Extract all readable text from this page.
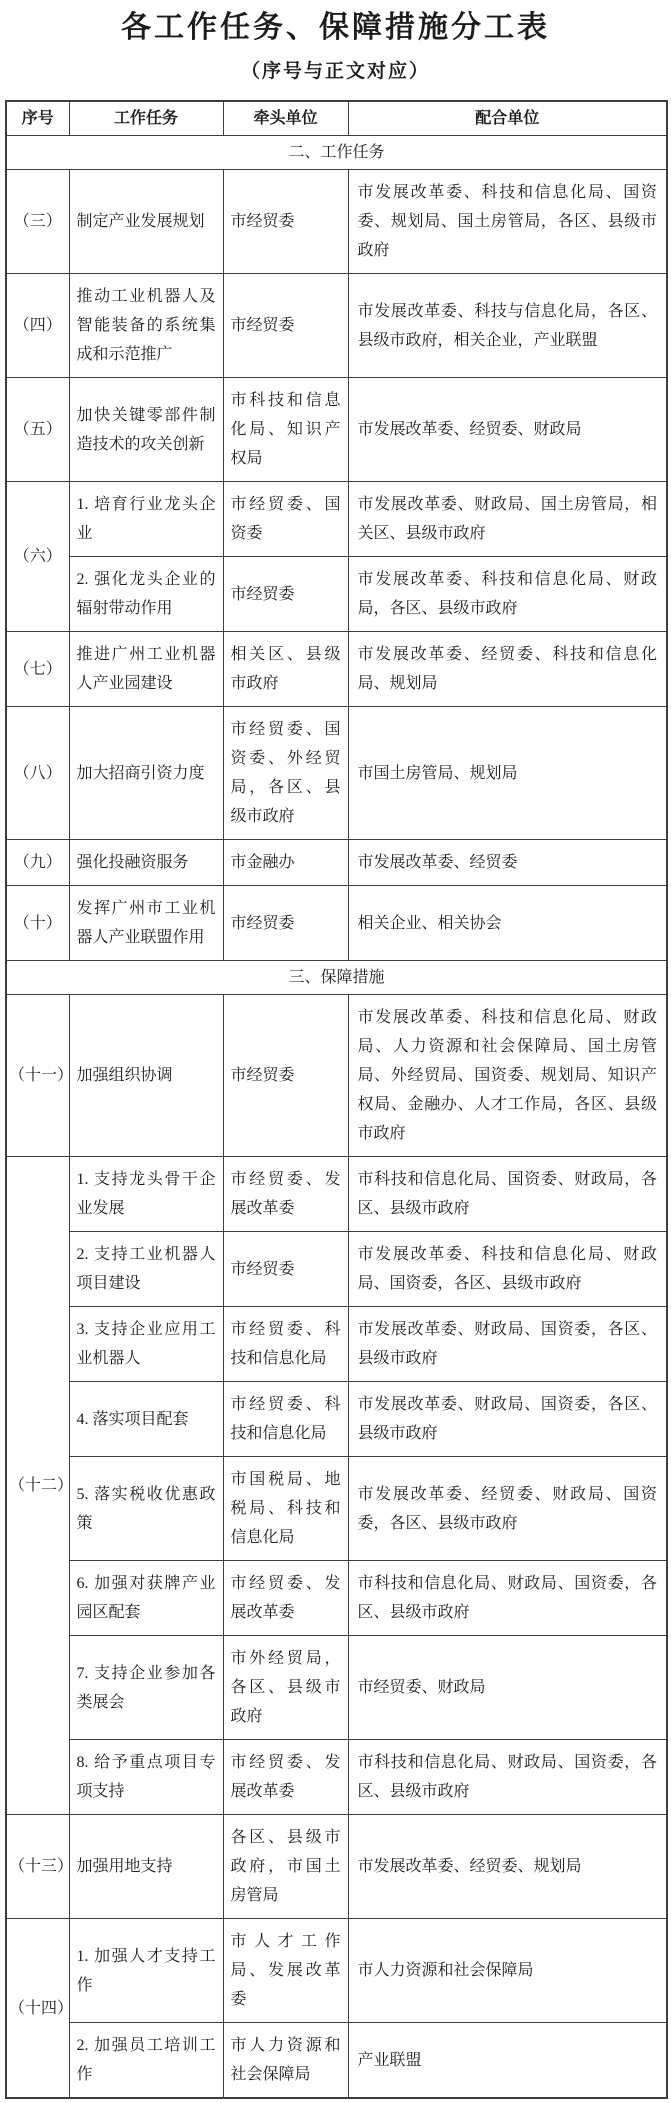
各工作任务、保障措施分工表
（序号与正文对应）
序号	工作任务	牵头单位	配合单位
二、工作任务			
（三）	制定产业发展规划	市经贸委	市发展改革委、科技和信息化局、国资委、规划局、国土房管局，各区、县级市政府
（四）	推动工业机器人及智能装备的系统集成和示范推广	市经贸委	市发展改革委、科技与信息化局，各区、县级市政府，相关企业，产业联盟
（五）	加快关键零部件制造技术的攻关创新	市科技和信息化局、知识产权局	市发展改革委、经贸委、财政局
（六）	1. 培育行业龙头企业	市经贸委、国资委	市发展改革委、财政局、国土房管局，相关区、县级市政府
	2. 强化龙头企业的辐射带动作用	市经贸委	市发展改革委、科技和信息化局、财政局，各区、县级市政府
（七）	推进广州工业机器人产业园建设	相关区、县级市政府	市发展改革委、经贸委、科技和信息化局、规划局
（八）	加大招商引资力度	市经贸委、国资委、外经贸局，各区、县级市政府	市国土房管局、规划局
（九）	强化投融资服务	市金融办	市发展改革委、经贸委
（十）	发挥广州市工业机器人产业联盟作用	市经贸委	相关企业、相关协会
三、保障措施			
（十一）	加强组织协调	市经贸委	市发展改革委、科技和信息化局、财政局、人力资源和社会保障局、国土房管局、外经贸局、国资委、规划局、知识产权局、金融办、人才工作局，各区、县级市政府
（十二）	1. 支持龙头骨干企业发展	市经贸委、发展改革委	市科技和信息化局、国资委、财政局，各区、县级市政府
	2. 支持工业机器人项目建设	市经贸委	市发展改革委、科技和信息化局、财政局、国资委，各区、县级市政府
	3. 支持企业应用工业机器人	市经贸委、科技和信息化局	市发展改革委、财政局、国资委，各区、县级市政府
	4. 落实项目配套	市经贸委、科技和信息化局	市发展改革委、财政局、国资委，各区、县级市政府
	5. 落实税收优惠政策	市国税局、地税局、科技和信息化局	市发展改革委、经贸委、财政局、国资委，各区、县级市政府
	6. 加强对获牌产业园区配套	市经贸委、发展改革委	市科技和信息化局、财政局、国资委，各区、县级市政府
	7. 支持企业参加各类展会	市外经贸局，各区、县级市政府	市经贸委、财政局
	8. 给予重点项目专项支持	市经贸委、发展改革委	市科技和信息化局、财政局、国资委，各区、县级市政府
（十三）	加强用地支持	各区、县级市政府，市国土房管局	市发展改革委、经贸委、规划局
（十四）	1. 加强人才支持工作	市人才工作局、发展改革委	市人力资源和社会保障局
	2. 加强员工培训工作	市人力资源和社会保障局	产业联盟
